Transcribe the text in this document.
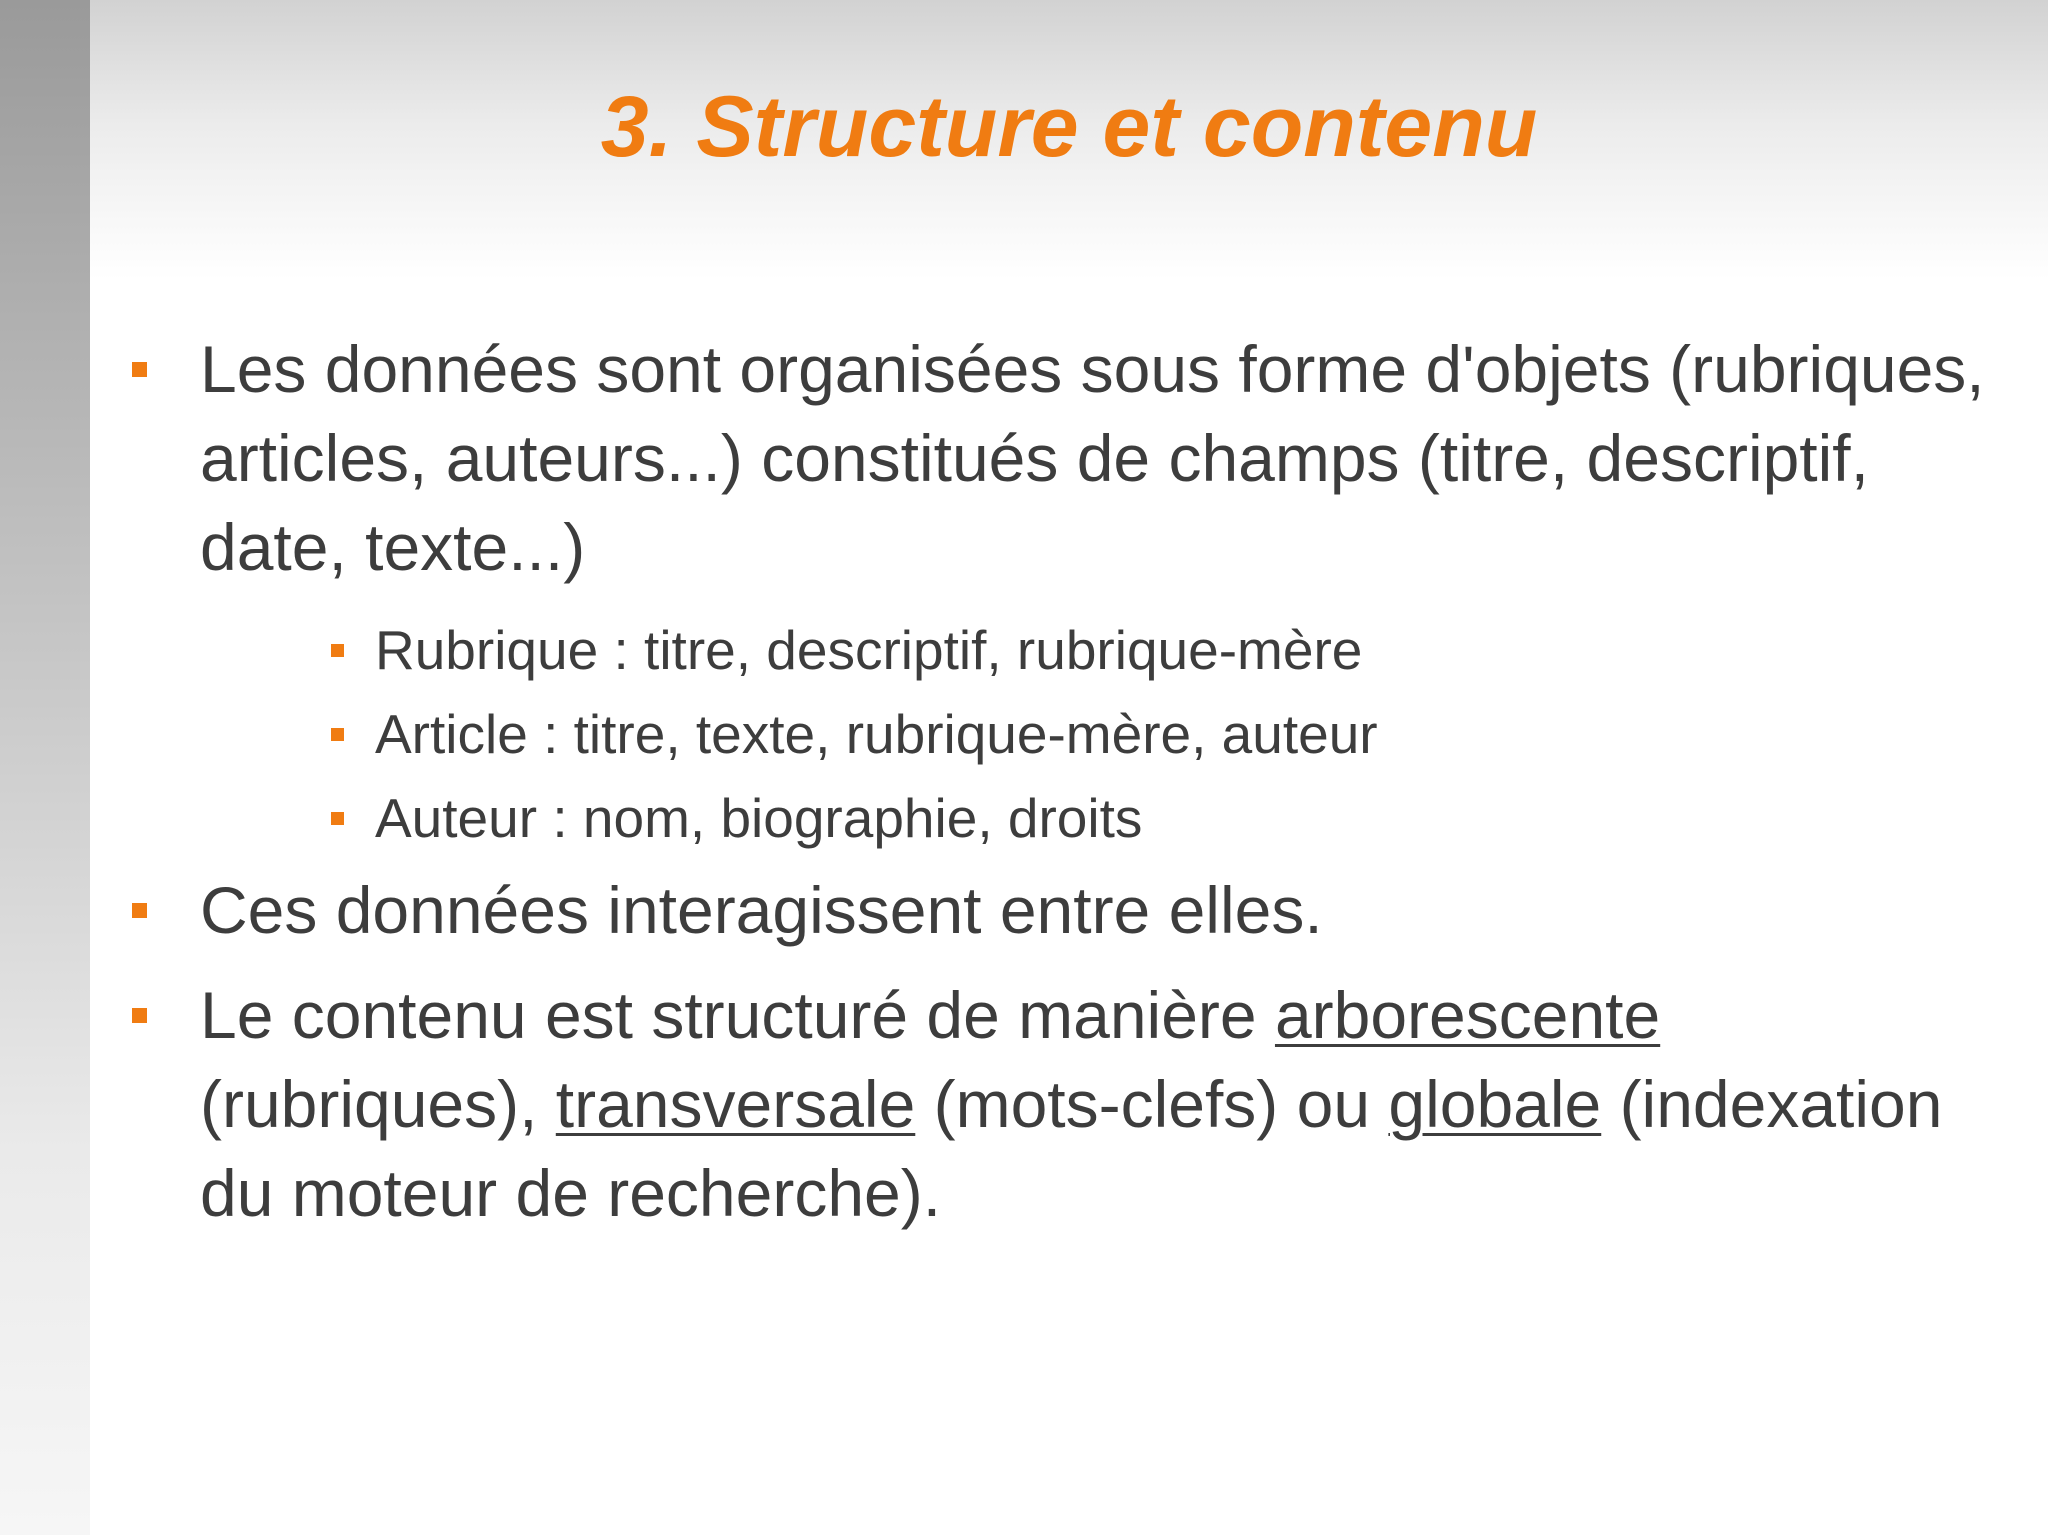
3. Structure et contenu
Les données sont organisées sous forme d'objets (rubriques, articles, auteurs...) constitués de champs (titre, descriptif, date, texte...)
Rubrique : titre, descriptif, rubrique-mère
Article : titre, texte, rubrique-mère, auteur
Auteur : nom, biographie, droits
Ces données interagissent entre elles.
Le contenu est structuré de manière arborescente (rubriques), transversale (mots-clefs) ou globale (indexation du moteur de recherche).
